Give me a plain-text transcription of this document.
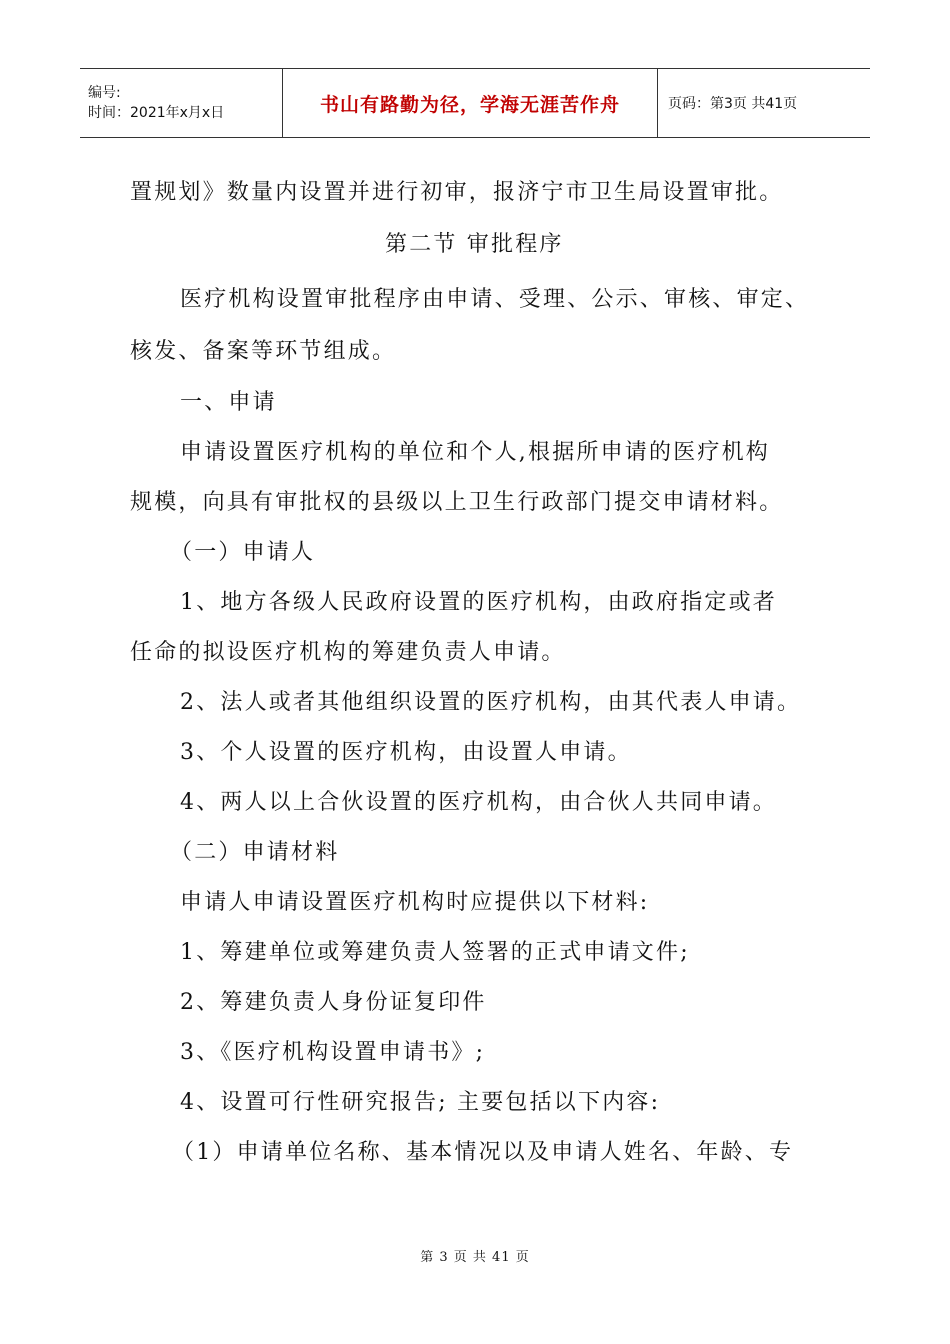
编号:
时间：2021年x月x日	书山有路勤为径，学海无涯苦作舟	页码：第3页 共41页
置规划》数量内设置并进行初审，报济宁市卫生局设置审批。
第二节 审批程序
医疗机构设置审批程序由申请、受理、公示、审核、审定、
核发、备案等环节组成。
一、申请
申请设置医疗机构的单位和个人,根据所申请的医疗机构
规模，向具有审批权的县级以上卫生行政部门提交申请材料。
（一）申请人
1、地方各级人民政府设置的医疗机构，由政府指定或者
任命的拟设医疗机构的筹建负责人申请。
2、法人或者其他组织设置的医疗机构，由其代表人申请。
3、个人设置的医疗机构，由设置人申请。
4、两人以上合伙设置的医疗机构，由合伙人共同申请。
（二）申请材料
申请人申请设置医疗机构时应提供以下材料:
1、筹建单位或筹建负责人签署的正式申请文件;
2、筹建负责人身份证复印件
3、《医疗机构设置申请书》;
4、设置可行性研究报告; 主要包括以下内容:
（1）申请单位名称、基本情况以及申请人姓名、年龄、专
第 3 页 共 41 页
